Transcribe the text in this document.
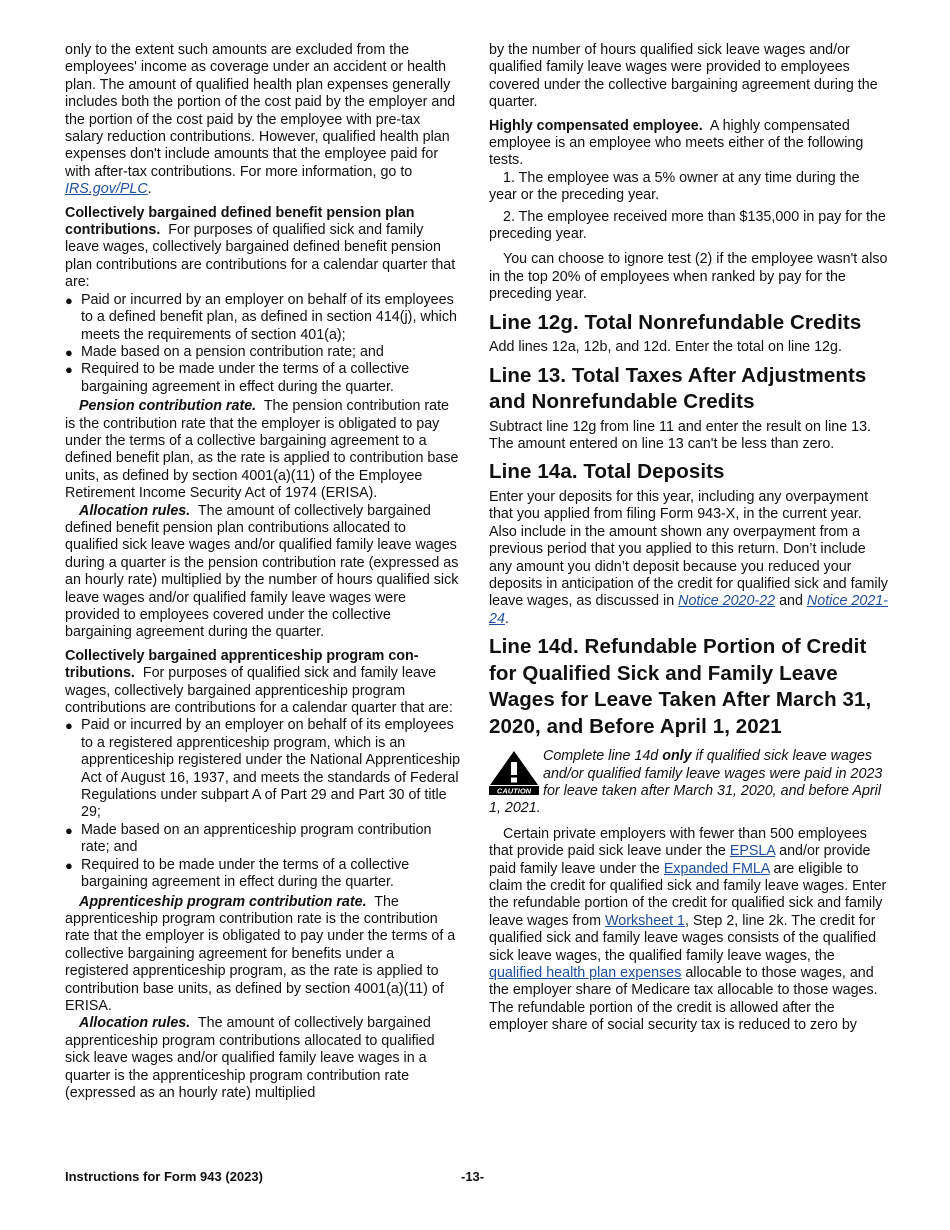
only to the extent such amounts are excluded from the employees' income as coverage under an accident or health plan. The amount of qualified health plan expenses generally includes both the portion of the cost paid by the employer and the portion of the cost paid by the employee with pre-tax salary reduction contributions. However, qualified health plan expenses don't include amounts that the employee paid for with after-tax contributions. For more information, go to IRS.gov/PLC.

Collectively bargained defined benefit pension plan contributions. For purposes of qualified sick and family leave wages, collectively bargained defined benefit pension plan contributions are contributions for a calendar quarter that are:

● Paid or incurred by an employer on behalf of its employees to a defined benefit plan, as defined in section 414(j), which meets the requirements of section 401(a);
● Made based on a pension contribution rate; and
● Required to be made under the terms of a collective bargaining agreement in effect during the quarter.

Pension contribution rate. The pension contribution rate is the contribution rate that the employer is obligated to pay under the terms of a collective bargaining agreement to a defined benefit plan, as the rate is applied to contribution base units, as defined by section 4001(a)(11) of the Employee Retirement Income Security Act of 1974 (ERISA).

Allocation rules. The amount of collectively bargained defined benefit pension plan contributions allocated to qualified sick leave wages and/or qualified family leave wages during a quarter is the pension contribution rate (expressed as an hourly rate) multiplied by the number of hours qualified sick leave wages and/or qualified family leave wages were provided to employees covered under the collective bargaining agreement during the quarter.

Collectively bargained apprenticeship program con-tributions. For purposes of qualified sick and family leave wages, collectively bargained apprenticeship program contributions are contributions for a calendar quarter that are:

● Paid or incurred by an employer on behalf of its employees to a registered apprenticeship program, which is an apprenticeship registered under the National Apprenticeship Act of August 16, 1937, and meets the standards of Federal Regulations under subpart A of Part 29 and Part 30 of title 29;
● Made based on an apprenticeship program contribution rate; and
● Required to be made under the terms of a collective bargaining agreement in effect during the quarter.

Apprenticeship program contribution rate. The apprenticeship program contribution rate is the contribution rate that the employer is obligated to pay under the terms of a collective bargaining agreement for benefits under a registered apprenticeship program, as the rate is applied to contribution base units, as defined by section 4001(a)(11) of ERISA.

Allocation rules. The amount of collectively bargained apprenticeship program contributions allocated to qualified sick leave wages and/or qualified family leave wages in a quarter is the apprenticeship program contribution rate (expressed as an hourly rate) multiplied

by the number of hours qualified sick leave wages and/or qualified family leave wages were provided to employees covered under the collective bargaining agreement during the quarter.

Highly compensated employee. A highly compensated employee is an employee who meets either of the following tests.

1. The employee was a 5% owner at any time during the year or the preceding year.

2. The employee received more than $135,000 in pay for the preceding year.

You can choose to ignore test (2) if the employee wasn't also in the top 20% of employees when ranked by pay for the preceding year.

Line 12g. Total Nonrefundable Credits

Add lines 12a, 12b, and 12d. Enter the total on line 12g.

Line 13. Total Taxes After Adjustments and Nonrefundable Credits

Subtract line 12g from line 11 and enter the result on line 13. The amount entered on line 13 can't be less than zero.

Line 14a. Total Deposits

Enter your deposits for this year, including any overpayment that you applied from filing Form 943-X, in the current year. Also include in the amount shown any overpayment from a previous period that you applied to this return. Don’t include any amount you didn’t deposit because you reduced your deposits in anticipation of the credit for qualified sick and family leave wages, as discussed in Notice 2020-22 and Notice 2021-24.

Line 14d. Refundable Portion of Credit for Qualified Sick and Family Leave Wages for Leave Taken After March 31, 2020, and Before April 1, 2021
CAUTION
Complete line 14d only if qualified sick leave wages and/or qualified family leave wages were paid in 2023 for leave taken after March 31, 2020, and before April 1, 2021.

Certain private employers with fewer than 500 employees that provide paid sick leave under the EPSLA and/or provide paid family leave under the Expanded FMLA are eligible to claim the credit for qualified sick and family leave wages. Enter the refundable portion of the credit for qualified sick and family leave wages from Worksheet 1, Step 2, line 2k. The credit for qualified sick and family leave wages consists of the qualified sick leave wages, the qualified family leave wages, the qualified health plan expenses allocable to those wages, and the employer share of Medicare tax allocable to those wages. The refundable portion of the credit is allowed after the employer share of social security tax is reduced to zero by

Instructions for Form 943 (2023)	-13-
